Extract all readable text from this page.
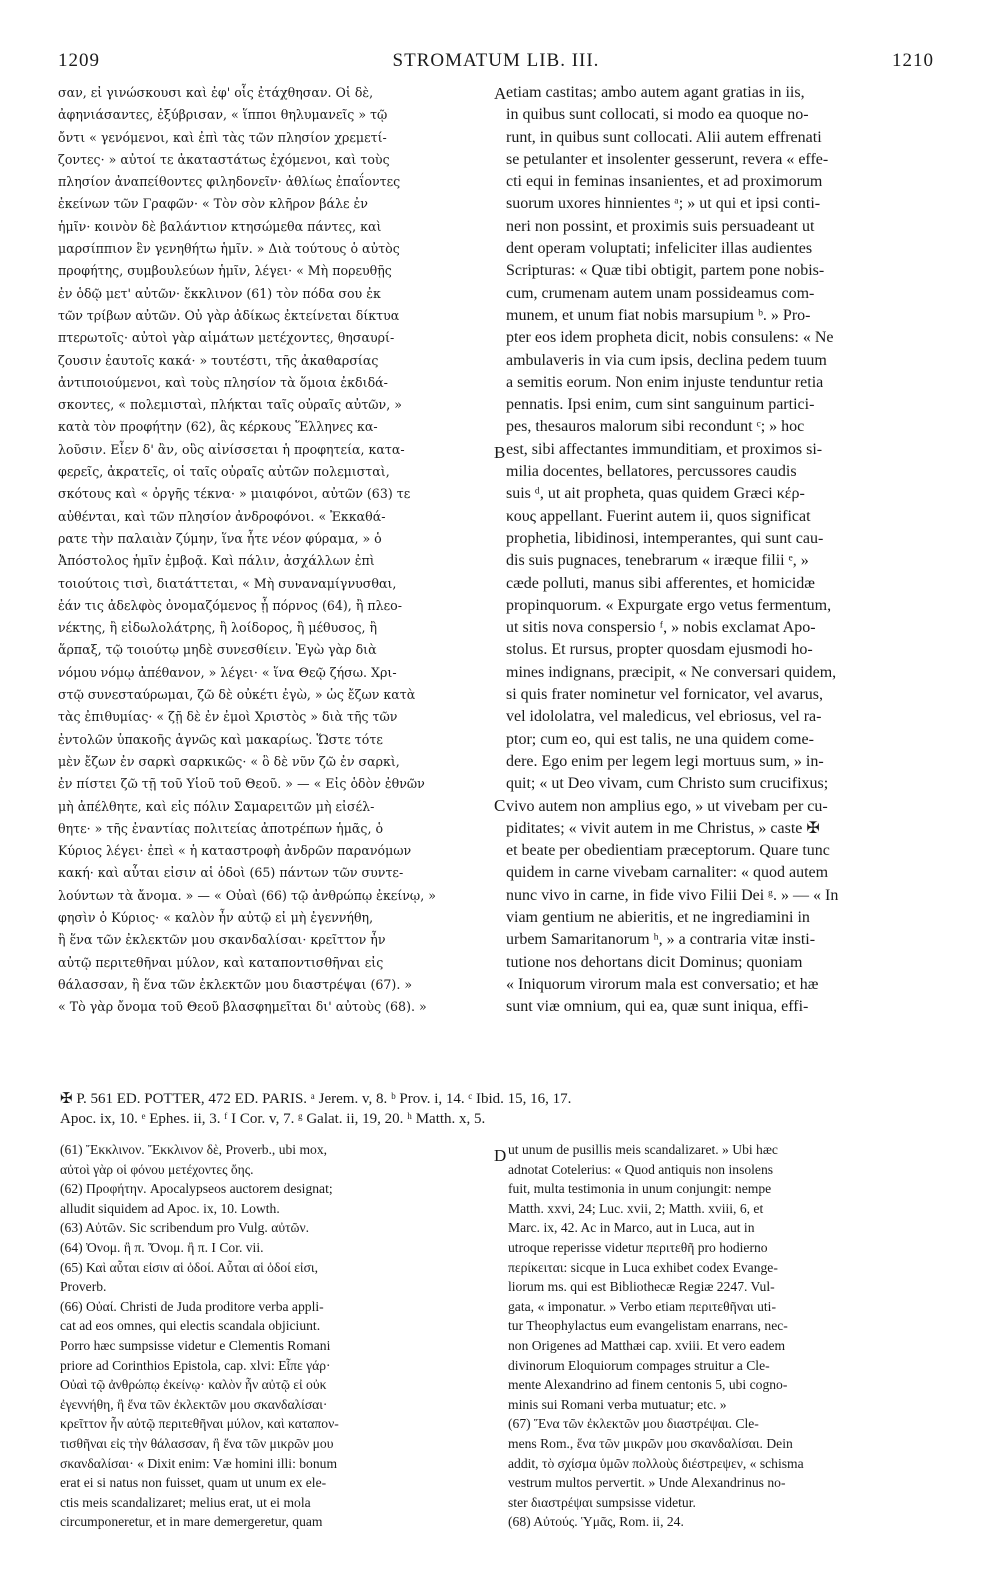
1209	STROMATUM LIB. III.	1210
σαν, εἰ γινώσκουσι καὶ ἐφ' οἷς ἐτάχθησαν. Οἱ δὲ,
ἀφηνιάσαντες, ἐξύβρισαν, « ἵπποι θηλυμανεῖς » τῷ
ὄντι « γενόμενοι, καὶ ἐπὶ τὰς τῶν πλησίον χρεμετί-
ζοντες· » αὐτοί τε ἀκαταστάτως ἐχόμενοι, καὶ τοὺς
πλησίον ἀναπείθοντες φιληδονεῖν· ἀθλίως ἐπαΐοντες
ἐκείνων τῶν Γραφῶν· « Τὸν σὸν κλῆρον βάλε ἐν
ἡμῖν· κοινὸν δὲ βαλάντιον κτησώμεθα πάντες, καὶ
μαρσίππιον ἓν γενηθήτω ἡμῖν. » Διὰ τούτους ὁ αὐτὸς
προφήτης, συμβουλεύων ἡμῖν, λέγει· « Μὴ πορευθῇς
ἐν ὁδῷ μετ' αὐτῶν· ἔκκλινον (61) τὸν πόδα σου ἐκ
τῶν τρίβων αὐτῶν. Οὐ γὰρ ἀδίκως ἐκτείνεται δίκτυα
πτερωτοῖς· αὐτοὶ γὰρ αἱμάτων μετέχοντες, θησαυρί-
ζουσιν ἑαυτοῖς κακά· » τουτέστι, τῆς ἀκαθαρσίας
ἀντιποιούμενοι, καὶ τοὺς πλησίον τὰ ὅμοια ἐκδιδά-
σκοντες, « πολεμισταὶ, πλήκται ταῖς οὐραῖς αὐτῶν, »
κατὰ τὸν προφήτην (62), ἃς κέρκους Ἕλληνες κα-
λοῦσιν. Εἶεν δ' ἂν, οὓς αἰνίσσεται ἡ προφητεία, κατα-
φερεῖς, ἀκρατεῖς, οἱ ταῖς οὐραῖς αὐτῶν πολεμισταὶ,
σκότους καὶ « ὀργῆς τέκνα· » μιαιφόνοι, αὐτῶν (63) τε
αὐθένται, καὶ τῶν πλησίον ἀνδροφόνοι. « Ἐκκαθά-
ρατε τὴν παλαιὰν ζύμην, ἵνα ἦτε νέον φύραμα, » ὁ
Ἀπόστολος ἡμῖν ἐμβοᾷ. Καὶ πάλιν, ἀσχάλλων ἐπὶ
τοιούτοις τισὶ, διατάττεται, « Μὴ συναναμίγνυσθαι,
ἐάν τις ἀδελφὸς ὀνομαζόμενος ᾖ πόρνος (64), ἢ πλεο-
νέκτης, ἢ εἰδωλολάτρης, ἢ λοίδορος, ἢ μέθυσος, ἢ
ἅρπαξ, τῷ τοιούτῳ μηδὲ συνεσθίειν. Ἐγὼ γὰρ διὰ
νόμου νόμῳ ἀπέθανον, » λέγει· « ἵνα Θεῷ ζήσω. Χρι-
στῷ συνεσταύρωμαι, ζῶ δὲ οὐκέτι ἐγὼ, » ὡς ἔζων κατὰ
τὰς ἐπιθυμίας· « ζῇ δὲ ἐν ἐμοὶ Χριστὸς » διὰ τῆς τῶν
ἐντολῶν ὑπακοῆς ἁγνῶς καὶ μακαρίως. Ὥστε τότε
μὲν ἔζων ἐν σαρκὶ σαρκικῶς· « ὃ δὲ νῦν ζῶ ἐν σαρκὶ,
ἐν πίστει ζῶ τῇ τοῦ Υἱοῦ τοῦ Θεοῦ. » — « Εἰς ὁδὸν ἐθνῶν
μὴ ἀπέλθητε, καὶ εἰς πόλιν Σαμαρειτῶν μὴ εἰσέλ-
θητε· » τῆς ἐναντίας πολιτείας ἀποτρέπων ἡμᾶς, ὁ
Κύριος λέγει· ἐπεὶ « ἡ καταστροφὴ ἀνδρῶν παρανόμων
κακή· καὶ αὗται εἰσιν αἱ ὁδοὶ (65) πάντων τῶν συντε-
λούντων τὰ ἄνομα. » — « Οὐαὶ (66) τῷ ἀνθρώπῳ ἐκείνῳ, »
φησὶν ὁ Κύριος· « καλὸν ἦν αὐτῷ εἰ μὴ ἐγεννήθη,
ἢ ἕνα τῶν ἐκλεκτῶν μου σκανδαλίσαι· κρεῖττον ἦν
αὐτῷ περιτεθῆναι μύλον, καὶ καταποντισθῆναι εἰς
θάλασσαν, ἢ ἕνα τῶν ἐκλεκτῶν μου διαστρέψαι (67). »
« Τὸ γὰρ ὄνομα τοῦ Θεοῦ βλασφημεῖται δι' αὐτοὺς (68). »
etiam castitas; ambo autem agant gratias in iis,
in quibus sunt collocati, si modo ea quoque no-
runt, in quibus sunt collocati. Alii autem effrenati
se petulanter et insolenter gesserunt, revera « effe-
cti equi in feminas insanientes, et ad proximorum
suorum uxores hinnientes ᵃ; » ut qui et ipsi conti-
neri non possint, et proximis suis persuadeant ut
dent operam voluptati; infeliciter illas audientes
Scripturas: « Quæ tibi obtigit, partem pone nobis-
cum, crumenam autem unam possideamus com-
munem, et unum fiat nobis marsupium ᵇ. » Pro-
pter eos idem propheta dicit, nobis consulens: « Ne
ambulaveris in via cum ipsis, declina pedem tuum
a semitis eorum. Non enim injuste tenduntur retia
pennatis. Ipsi enim, cum sint sanguinum partici-
pes, thesauros malorum sibi recondunt ᶜ; » hoc
est, sibi affectantes immunditiam, et proximos si-
milia docentes, bellatores, percussores caudis
suis ᵈ, ut ait propheta, quas quidem Græci κέρ-
κους appellant. Fuerint autem ii, quos significat
prophetia, libidinosi, intemperantes, qui sunt cau-
dis suis pugnaces, tenebrarum « iræque filii ᵉ, »
cæde polluti, manus sibi afferentes, et homicidæ
propinquorum. « Expurgate ergo vetus fermentum,
ut sitis nova conspersio ᶠ, » nobis exclamat Apo-
stolus. Et rursus, propter quosdam ejusmodi ho-
mines indignans, præcipit, « Ne conversari quidem,
si quis frater nominetur vel fornicator, vel avarus,
vel idololatra, vel maledicus, vel ebriosus, vel ra-
ptor; cum eo, qui est talis, ne una quidem come-
dere. Ego enim per legem legi mortuus sum, » in-
quit; « ut Deo vivam, cum Christo sum crucifixus;
vivo autem non amplius ego, » ut vivebam per cu-
piditates; « vivit autem in me Christus, » caste ✠
et beate per obedientiam præceptorum. Quare tunc
quidem in carne vivebam carnaliter: « quod autem
nunc vivo in carne, in fide vivo Filii Dei ᵍ. » — « In
viam gentium ne abieritis, et ne ingrediamini in
urbem Samaritanorum ʰ, » a contraria vitæ insti-
tutione nos dehortans dicit Dominus; quoniam
« Iniquorum virorum mala est conversatio; et hæ
sunt viæ omnium, qui ea, quæ sunt iniqua, effi-
A
B
C
D
✠ P. 561 ED. POTTER, 472 ED. PARIS. ᵃ Jerem. v, 8. ᵇ Prov. i, 14. ᶜ Ibid. 15, 16, 17.
Apoc. ix, 10. ᵉ Ephes. ii, 3. ᶠ I Cor. v, 7. ᵍ Galat. ii, 19, 20. ʰ Matth. x, 5.
(61) Ἔκκλινον. Ἔκκλινον δὲ, Proverb., ubi mox,
αὐτοὶ γὰρ οἱ φόνου μετέχοντες ὄης.
(62) Προφήτην. Apocalypseos auctorem designat;
alludit siquidem ad Apoc. ix, 10. Lowth.
(63) Αὐτῶν. Sic scribendum pro Vulg. αὐτῶν.
(64) Ὀνομ. ἢ π. Ὄνομ. ἢ π. I Cor. vii.
(65) Καὶ αὗται εἰσιν αἱ ὁδοί. Αὗται αἱ ὁδοί εἰσι,
Proverb.
(66) Οὐαί. Christi de Juda proditore verba appli-
cat ad eos omnes, qui electis scandala objiciunt.
Porro hæc sumpsisse videtur e Clementis Romani
priore ad Corinthios Epistola, cap. xlvi: Εἶπε γάρ·
Οὐαὶ τῷ ἀνθρώπῳ ἐκείνῳ· καλὸν ἦν αὐτῷ εἰ οὐκ
ἐγεννήθη, ἢ ἕνα τῶν ἐκλεκτῶν μου σκανδαλίσαι·
κρεῖττον ἦν αὐτῷ περιτεθῆναι μύλον, καὶ καταπον-
τισθῆναι εἰς τὴν θάλασσαν, ἢ ἕνα τῶν μικρῶν μου
σκανδαλίσαι· « Dixit enim: Væ homini illi: bonum
erat ei si natus non fuisset, quam ut unum ex ele-
ctis meis scandalizaret; melius erat, ut ei mola
circumponeretur, et in mare demergeretur, quam
ut unum de pusillis meis scandalizaret. » Ubi hæc
adnotat Cotelerius: « Quod antiquis non insolens
fuit, multa testimonia in unum conjungit: nempe
Matth. xxvi, 24; Luc. xvii, 2; Matth. xviii, 6, et
Marc. ix, 42. Ac in Marco, aut in Luca, aut in
utroque reperisse videtur περιτεθῆ pro hodierno
περίκειται: sicque in Luca exhibet codex Evange-
liorum ms. qui est Bibliothecæ Regiæ 2247. Vul-
gata, « imponatur. » Verbo etiam περιτεθῆναι uti-
tur Theophylactus eum evangelistam enarrans, nec-
non Origenes ad Matthæi cap. xviii. Et vero eadem
divinorum Eloquiorum compages struitur a Cle-
mente Alexandrino ad finem centonis 5, ubi cogno-
minis sui Romani verba mutuatur; etc. »
(67) Ἕνα τῶν ἐκλεκτῶν μου διαστρέψαι. Cle-
mens Rom., ἕνα τῶν μικρῶν μου σκανδαλίσαι. Dein
addit, τὸ σχίσμα ὑμῶν πολλοὺς διέστρεψεν, « schisma
vestrum multos pervertit. » Unde Alexandrinus no-
ster διαστρέψαι sumpsisse videtur.
(68) Αὐτούς. Ὑμᾶς, Rom. ii, 24.
